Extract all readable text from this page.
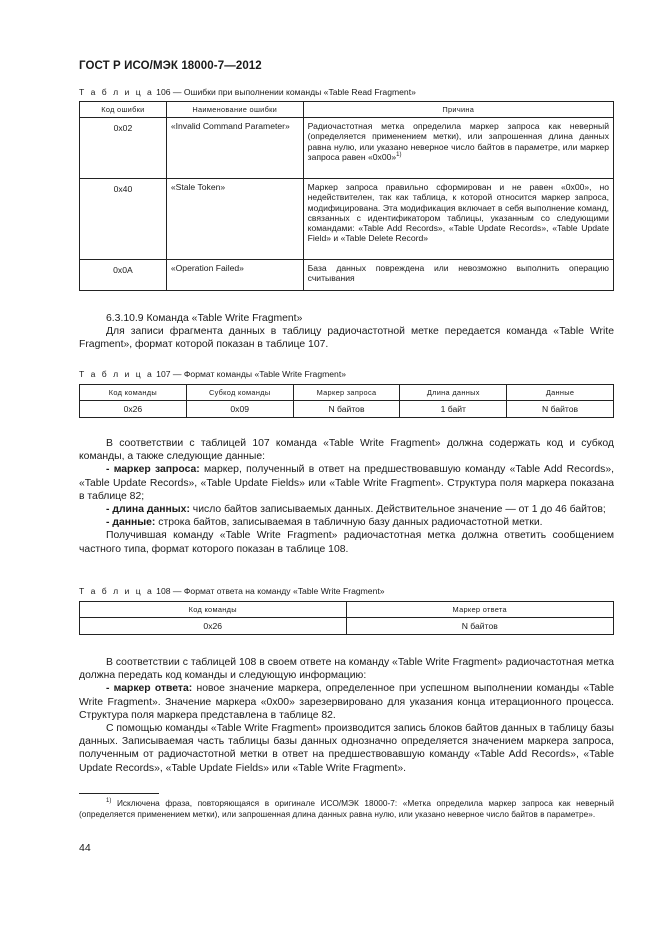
ГОСТ Р ИСО/МЭК 18000-7—2012
Т а б л и ц а 106 — Ошибки при выполнении команды «Table Read Fragment»
Код ошибки	Наименование ошибки	Причина
0x02	«Invalid Command Parameter»	Радиочастотная метка определила маркер запроса как неверный (определяется применением метки), или запрошенная длина данных равна нулю, или указано неверное число байтов в параметре, или маркер запроса равен «0x00»$^{1)}$
0x40	«Stale Token»	Маркер запроса правильно сформирован и не равен «0x00», но недействителен, так как таблица, к которой относится маркер запроса, модифицирована. Эта модификация включает в себя выполнение команд, связанных с идентификатором таблицы, указанным со следующими командами: «Table Add Records», «Table Update Records», «Table Update Field» и «Table Delete Record»
0x0A	«Operation Failed»	База данных повреждена или невозможно выполнить операцию считывания

6.3.10.9 Команда «Table Write Fragment»

Для записи фрагмента данных в таблицу радиочастотной метке передается команда «Table Write Fragment», формат которой показан в таблице 107.

Т а б л и ц а 107 — Формат команды «Table Write Fragment»
Код команды	Субкод команды	Маркер запроса	Длина данных	Данные
0x26	0x09	N байтов	1 байт	N байтов

В соответствии с таблицей 107 команда «Table Write Fragment» должна содержать код и субкод команды, а также следующие данные:

- маркер запроса: маркер, полученный в ответ на предшествовавшую команду «Table Add Records», «Table Update Records», «Table Update Fields» или «Table Write Fragment». Структура поля маркера показана в таблице 82;

- длина данных: число байтов записываемых данных. Действительное значение — от 1 до 46 байтов;

- данные: строка байтов, записываемая в табличную базу данных радиочастотной метки.

Получившая команду «Table Write Fragment» радиочастотная метка должна ответить сообщением частного типа, формат которого показан в таблице 108.

Т а б л и ц а 108 — Формат ответа на команду «Table Write Fragment»
Код команды	Маркер ответа
0x26	N байтов

В соответствии с таблицей 108 в своем ответе на команду «Table Write Fragment» радиочастотная метка должна передать код команды и следующую информацию:

- маркер ответа: новое значение маркера, определенное при успешном выполнении команды «Table Write Fragment». Значение маркера «0x00» зарезервировано для указания конца итерационного процесса. Структура поля маркера представлена в таблице 82.

С помощью команды «Table Write Fragment» производится запись блоков байтов данных в таблицу базы данных. Записываемая часть таблицы базы данных однозначно определяется значением маркера запроса, полученным от радиочастотной метки в ответ на предшествовавшую команду «Table Add Records», «Table Update Records», «Table Update Fields» или «Table Write Fragment».

$^{1)}$ Исключена фраза, повторяющаяся в оригинале ИСО/МЭК 18000-7: «Метка определила маркер запроса как неверный (определяется применением метки), или запрошенная длина данных равна нулю, или указано неверное число байтов в параметре».
44
